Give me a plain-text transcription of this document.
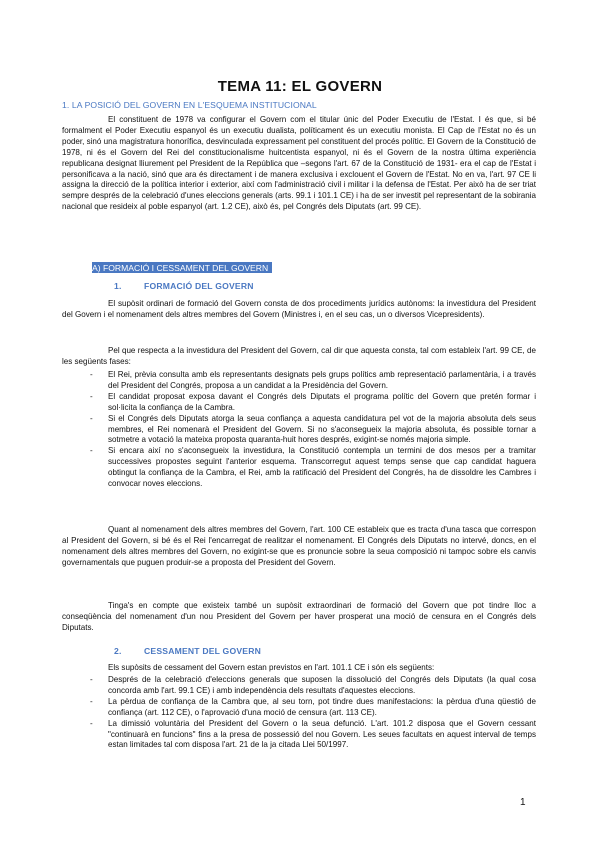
TEMA 11: EL GOVERN

1. LA POSICIÓ DEL GOVERN EN L'ESQUEMA INSTITUCIONAL

El constituent de 1978 va configurar el Govern com el titular únic del Poder Executiu de l'Estat. I és que, si bé formalment el Poder Executiu espanyol és un executiu dualista, políticament és un executiu monista. El Cap de l'Estat no és un poder, sinó una magistratura honorífica, desvinculada expressament pel constituent del procés polític. El Govern de la Constitució de 1978, ni és el Govern del Rei del constitucionalisme huitcentista espanyol, ni és el Govern de la nostra última experiència republicana designat lliurement pel President de la República que –segons l'art. 67 de la Constitució de 1931- era el cap de l'Estat i personificava a la nació, sinó que ara és directament i de manera exclusiva i exclouent el Govern de l'Estat. No en va, l'art. 97 CE li assigna la direcció de la política interior i exterior, així com l'administració civil i militar i la defensa de l'Estat. Per això ha de ser triat sempre després de la celebració d'unes eleccions generals (arts. 99.1 i 101.1 CE) i ha de ser investit pel representant de la sobirania nacional que resideix al poble espanyol (art. 1.2 CE), això és, pel Congrés dels Diputats (art. 99 CE).

A) FORMACIÓ I CESSAMENT DEL GOVERN

1.	FORMACIÓ DEL GOVERN

El supòsit ordinari de formació del Govern consta de dos procediments jurídics autònoms: la investidura del President del Govern i el nomenament dels altres membres del Govern (Ministres i, en el seu cas, un o diversos Vicepresidents).

Pel que respecta a la investidura del President del Govern, cal dir que aquesta consta, tal com estableix l'art. 99 CE, de les següents fases:

- El Rei, prèvia consulta amb els representants designats pels grups polítics amb representació parlamentària, i a través del President del Congrés, proposa a un candidat a la Presidència del Govern.
- El candidat proposat exposa davant el Congrés dels Diputats el programa polític del Govern que pretén formar i sol·licita la confiança de la Cambra.
- Si el Congrés dels Diputats atorga la seua confiança a aquesta candidatura pel vot de la majoria absoluta dels seus membres, el Rei nomenarà el President del Govern. Si no s'aconsegueix la majoria absoluta, és possible tornar a sotmetre a votació la mateixa proposta quaranta-huit hores després, exigint-se només majoria simple.
- Si encara així no s'aconsegueix la investidura, la Constitució contempla un termini de dos mesos per a tramitar successives propostes seguint l'anterior esquema. Transcorregut aquest temps sense que cap candidat haguera obtingut la confiança de la Cambra, el Rei, amb la ratificació del President del Congrés, ha de dissoldre les Cambres i convocar noves eleccions.

Quant al nomenament dels altres membres del Govern, l'art. 100 CE estableix que es tracta d'una tasca que correspon al President del Govern, si bé és el Rei l'encarregat de realitzar el nomenament. El Congrés dels Diputats no intervé, doncs, en el nomenament dels altres membres del Govern, no exigint-se que es pronuncie sobre la seua composició ni tampoc sobre els canvis governamentals que puguen produir-se a proposta del President del Govern.

Tinga's en compte que existeix també un supòsit extraordinari de formació del Govern que pot tindre lloc a conseqüència del nomenament d'un nou President del Govern per haver prosperat una moció de censura en el Congrés dels Diputats.

2.	CESSAMENT DEL GOVERN

Els supòsits de cessament del Govern estan previstos en l'art. 101.1 CE i són els següents:

- Després de la celebració d'eleccions generals que suposen la dissolució del Congrés dels Diputats (la qual cosa concorda amb l'art. 99.1 CE) i amb independència dels resultats d'aquestes eleccions.
- La pèrdua de confiança de la Cambra que, al seu torn, pot tindre dues manifestacions: la pèrdua d'una qüestió de confiança (art. 112 CE), o l'aprovació d'una moció de censura (art. 113 CE).
- La dimissió voluntària del President del Govern o la seua defunció. L'art. 101.2 disposa que el Govern cessant "continuarà en funcions" fins a la presa de possessió del nou Govern. Les seues facultats en aquest interval de temps estan limitades tal com disposa l'art. 21 de la ja citada Llei 50/1997.

1
